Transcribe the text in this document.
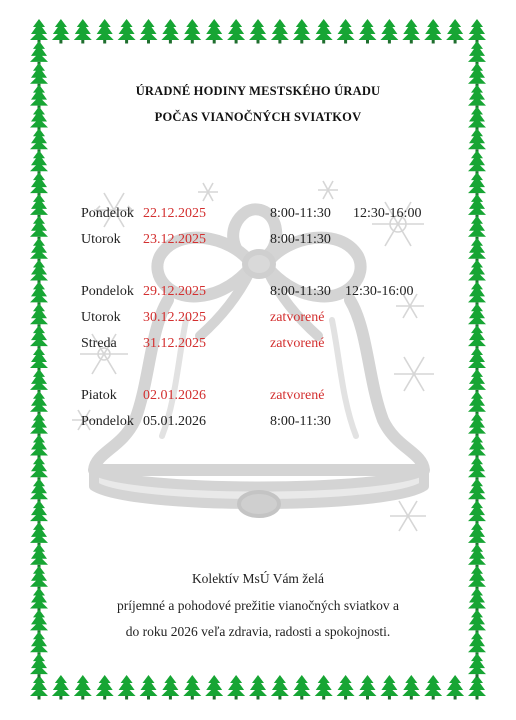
ÚRADNÉ HODINY MESTSKÉHO ÚRADU
POČAS VIANOČNÝCH SVIATKOV
Pondelok 22.12.2025	8:00-11:30 12:30-16:00
Utorok 23.12.2025	8:00-11:30
Pondelok 29.12.2025	8:00-11:30 12:30-16:00
Utorok 30.12.2025	zatvorené
Streda 31.12.2025	zatvorené
Piatok 02.01.2026	zatvorené
Pondelok 05.01.2026	8:00-11:30
Kolektív MsÚ Vám želá
príjemné a pohodové prežitie vianočných sviatkov a
do roku 2026 veľa zdravia, radosti a spokojnosti.
